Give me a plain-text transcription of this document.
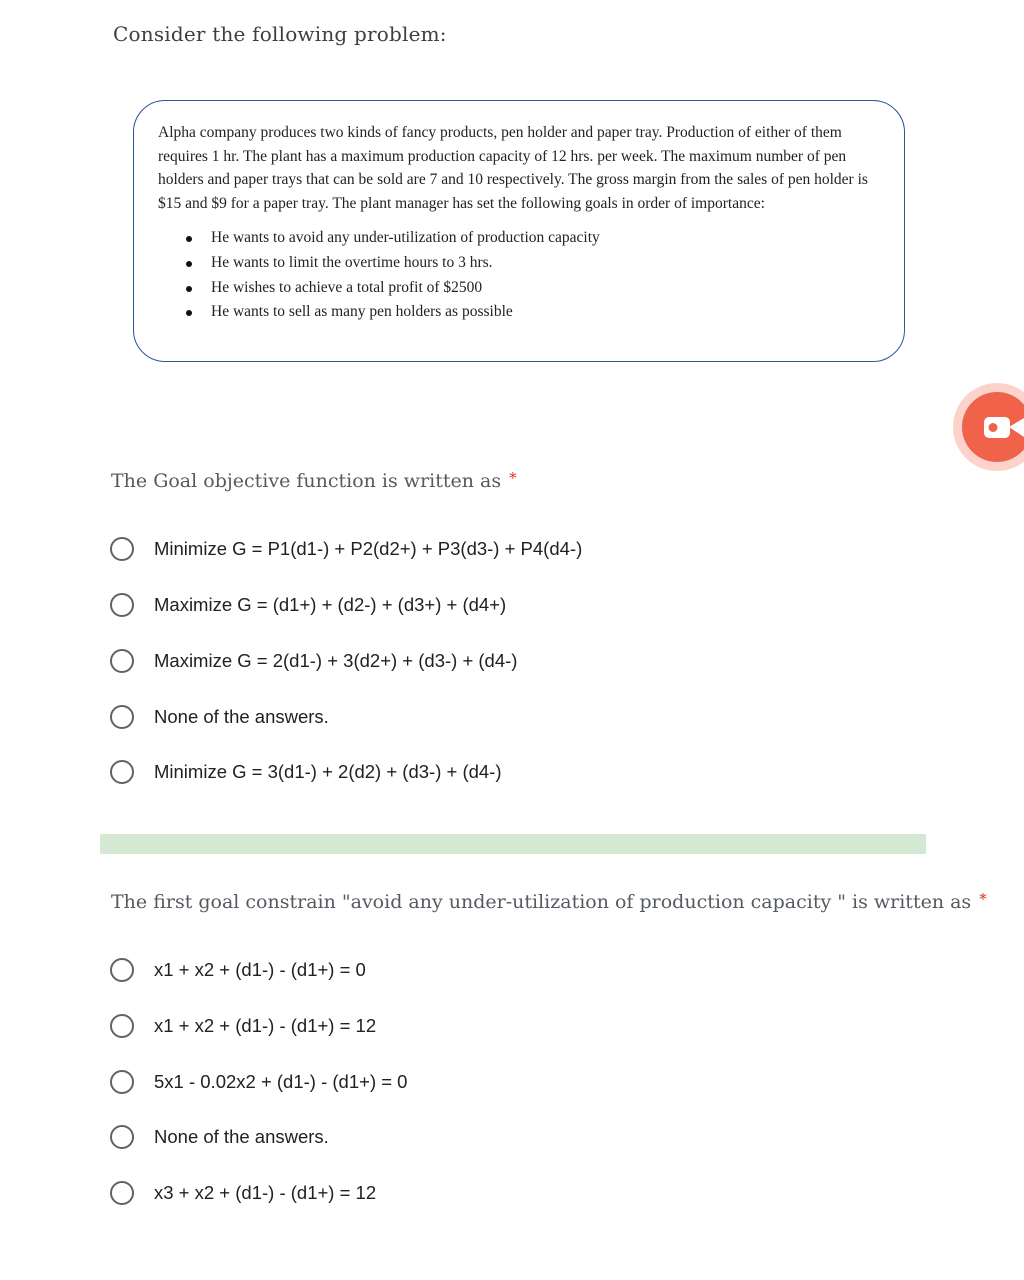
Consider the following problem:

Alpha company produces two kinds of fancy products, pen holder and paper tray. Production of either of them requires 1 hr. The plant has a maximum production capacity of 12 hrs. per week. The maximum number of pen holders and paper trays that can be sold are 7 and 10 respectively. The gross margin from the sales of pen holder is $15 and $9 for a paper tray. The plant manager has set the following goals in order of importance:

He wants to avoid any under-utilization of production capacity
He wants to limit the overtime hours to 3 hrs.
He wishes to achieve a total profit of $2500
He wants to sell as many pen holders as possible
The Goal objective function is written as *
Minimize G = P1(d1-) + P2(d2+) + P3(d3-) + P4(d4-)
Maximize G = (d1+) + (d2-) + (d3+) + (d4+)
Maximize G = 2(d1-) + 3(d2+) + (d3-) + (d4-)
None of the answers.
Minimize G = 3(d1-) + 2(d2) + (d3-) + (d4-)
The first goal constrain "avoid any under-utilization of production capacity " is written as *
x1 + x2 + (d1-) - (d1+) = 0
x1 + x2 + (d1-) - (d1+) = 12
5x1 - 0.02x2 + (d1-) - (d1+) = 0
None of the answers.
x3 + x2 + (d1-) - (d1+) = 12
